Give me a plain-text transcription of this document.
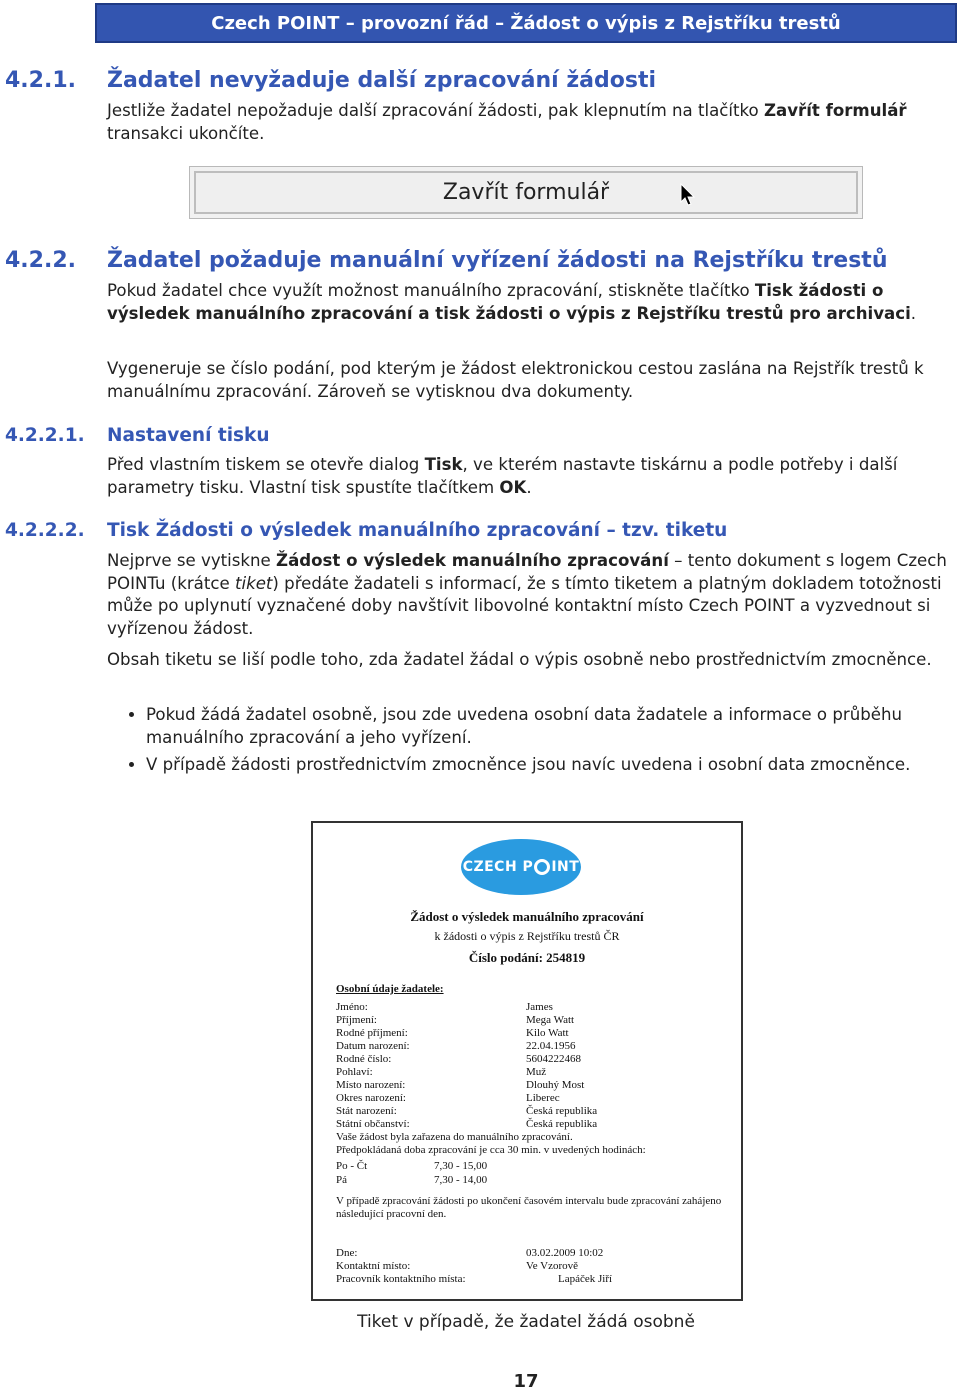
Czech POINT – provozní řád – Žádost o výpis z Rejstříku trestů
4.2.1. Žadatel nevyžaduje další zpracování žádosti

Jestliže žadatel nepožaduje další zpracování žádosti, pak klepnutím na tlačítko Zavřít formulář transakci ukončíte.

Zavřít formulář
4.2.2. Žadatel požaduje manuální vyřízení žádosti na Rejstříku trestů

Pokud žadatel chce využít možnost manuálního zpracování, stiskněte tlačítko Tisk žádosti o výsledek manuálního zpracování a tisk žádosti o výpis z Rejstříku trestů pro archivaci.

Vygeneruje se číslo podání, pod kterým je žádost elektronickou cestou zaslána na Rejstřík trestů k manuálnímu zpracování. Zároveň se vytisknou dva dokumenty.

4.2.2.1. Nastavení tisku

Před vlastním tiskem se otevře dialog Tisk, ve kterém nastavte tiskárnu a podle potřeby i další parametry tisku. Vlastní tisk spustíte tlačítkem OK.

4.2.2.2. Tisk Žádosti o výsledek manuálního zpracování – tzv. tiketu

Nejprve se vytiskne Žádost o výsledek manuálního zpracování – tento dokument s logem Czech POINTu (krátce tiket) předáte žadateli s informací, že s tímto tiketem a platným dokladem totožnosti může po uplynutí vyznačené doby navštívit libovolné kontaktní místo Czech POINT a vyzvednout si vyřízenou žádost.

Obsah tiketu se liší podle toho, zda žadatel žádal o výpis osobně nebo prostřednictvím zmocněnce.

• Pokud žádá žadatel osobně, jsou zde uvedena osobní data žadatele a informace o průběhu manuálního zpracování a jeho vyřízení.
• V případě žádosti prostřednictvím zmocněnce jsou navíc uvedena i osobní data zmocněnce.
CZECH
P INT
Žádost o výsledek manuálního zpracování
k žádosti o výpis z Rejstříku trestů ČR
Číslo podání: 254819
Osobní údaje žadatele:
Jméno:	James
Příjmení:	Mega Watt
Rodné příjmení:	Kilo Watt
Datum narození:	22.04.1956
Rodné číslo:	5604222468
Pohlaví:	Muž
Místo narození:	Dlouhý Most
Okres narození:	Liberec
Stát narození:	Česká republika
Státní občanství:	Česká republika
Vaše žádost byla zařazena do manuálního zpracování.
Předpokládaná doba zpracování je cca 30 min. v uvedených hodinách:
Po - Čt	7,30 - 15,00
Pá	7,30 - 14,00
V případě zpracování žádosti po ukončení časovém intervalu bude zpracování zahájeno následující pracovní den.
Dne:	03.02.2009 10:02
Kontaktní místo:	Ve Vzorově
Pracovník kontaktního místa:	Lapáček Jiří
Tiket v případě, že žadatel žádá osobně
17
